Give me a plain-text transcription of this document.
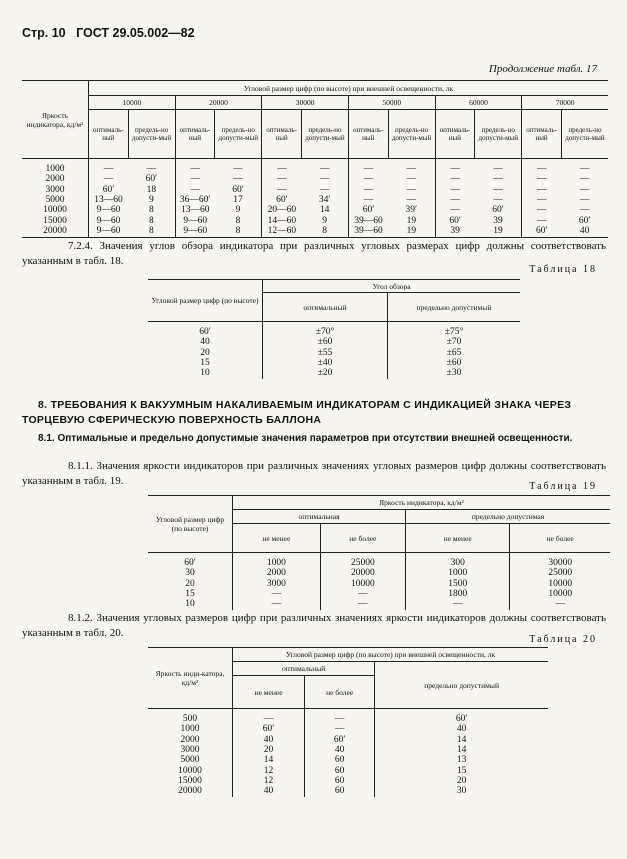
Стр. 10 ГОСТ 29.05.002—82
Продолжение табл. 17
Яркость индикатора, кд/м²	Угловой размер цифр (по высоте) при внешней освещенности, лк											
	10000		20000		30000		50000		60000		70000	
	оптималь-ный	предель-но допусти-мый	оптималь-ный	предель-но допусти-мый	оптималь-ный	предель-но допусти-мый	оптималь-ный	предель-но допусти-мый	оптималь-ный	предель-но допусти-мый	оптималь-ный	предель-но допусти-мый
1000	—	—	—	—	—	—	—	—	—	—	—	—
2000	—	60′	—	—	—	—	—	—	—	—	—	—
3000	60′	18	—	60′	—	—	—	—	—	—	—	—
5000	13—60	9	36—60′	17	60′	34′	—	—	—	—	—	—
10000	9—60	8	13—60	9	20—60	14	60′	39′	—	60′	—	—
15000	9—60	8	9—60	8	14—60	9	39—60	19	60′	39	—	60′
20000	9—60	8	9—60	8	12—60	8	39—60	19	39	19	60′	40
7.2.4. Значения углов обзора индикатора при различных угловых размерах цифр должны соответствовать указанным в табл. 18.
Таблица 18
Угловой размер цифр (по высоте)	Угол обзора	
	оптимальный	предельно допустимый
60′	±70°	±75°
40	±60	±70
20	±55	±65
15	±40	±60
10	±20	±30
8. ТРЕБОВАНИЯ К ВАКУУМНЫМ НАКАЛИВАЕМЫМ ИНДИКАТОРАМ С ИНДИКАЦИЕЙ ЗНАКА ЧЕРЕЗ ТОРЦЕВУЮ СФЕРИЧЕСКУЮ ПОВЕРХНОСТЬ БАЛЛОНА
8.1. Оптимальные и предельно допустимые значения параметров при отсутствии внешней освещенности.
8.1.1. Значения яркости индикаторов при различных значениях угловых размеров цифр должны соответствовать указанным в табл. 19.	Таблица 19
Угловой размер цифр (по высоте)	Яркость индикатора, кд/м²			
	оптимальная		предельно допустимая	
	не менее	не более	не менее	не более
60′	1000	25000	300	30000
30	2000	20000	1000	25000
20	3000	10000	1500	10000
15	—	—	1800	10000
10	—	—	—	—
8.1.2. Значения угловых размеров цифр при различных значениях яркости индикаторов должны соответствовать указанным в табл. 20.
Таблица 20
Яркость инди-катора, кд/м²	Угловой размер цифр (по высоте) при внешней освещенности, лк		
	оптимальный		предельно допустимый
	не менее	не более	
500	—	—	60′
1000	60′	—	40
2000	40	60′	14
3000	20	40	14
5000	14	60	13
10000	12	60	15
15000	12	60	20
20000	40	60	30
